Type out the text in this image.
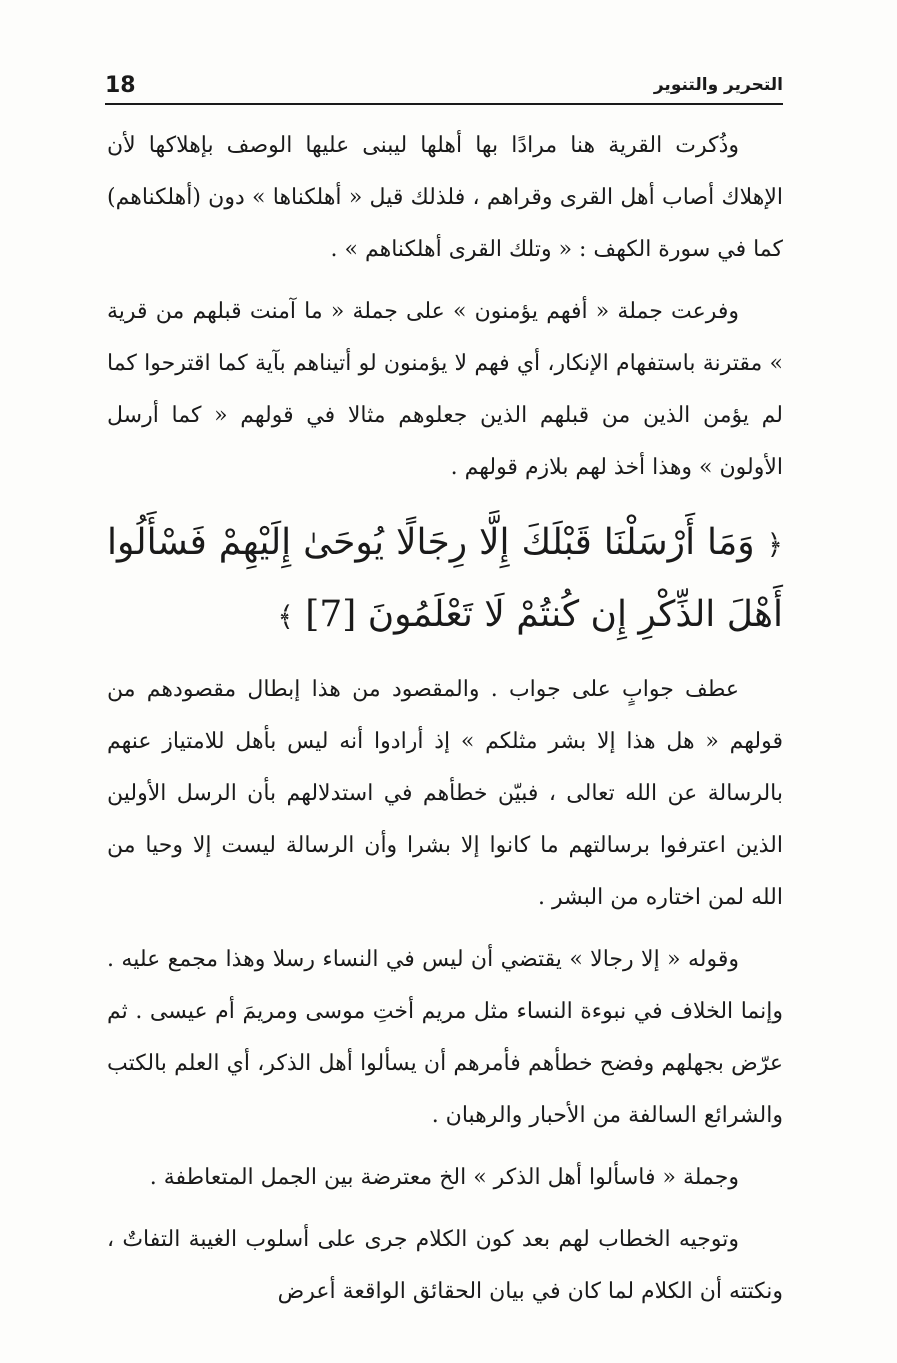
18	التحرير والتنوير

وذُكرت القرية هنا مرادًا بها أهلها ليبنى عليها الوصف بإهلاكها لأن الإهلاك أصاب أهل القرى وقراهم ، فلذلك قيل « أهلكناها » دون (أهلكناهم) كما في سورة الكهف : « وتلك القرى أهلكناهم » .

وفرعت جملة « أفهم يؤمنون » على جملة « ما آمنت قبلهم من قرية » مقترنة باستفهام الإنكار، أي فهم لا يؤمنون لو أتيناهم بآية كما اقترحوا كما لم يؤمن الذين من قبلهم الذين جعلوهم مثالا في قولهم « كما أرسل الأولون » وهذا أخذ لهم بلازم قولهم .

﴿ وَمَا أَرْسَلْنَا قَبْلَكَ إِلَّا رِجَالًا يُوحَىٰ إِلَيْهِمْ فَسْأَلُوا أَهْلَ الذِّكْرِ إِن كُنتُمْ لَا تَعْلَمُونَ [7] ﴾

عطف جوابٍ على جواب . والمقصود من هذا إبطال مقصودهم من قولهم « هل هذا إلا بشر مثلكم » إذ أرادوا أنه ليس بأهل للامتياز عنهم بالرسالة عن الله تعالى ، فبيّن خطأهم في استدلالهم بأن الرسل الأولين الذين اعترفوا برسالتهم ما كانوا إلا بشرا وأن الرسالة ليست إلا وحيا من الله لمن اختاره من البشر .

وقوله « إلا رجالا » يقتضي أن ليس في النساء رسلا وهذا مجمع عليه . وإنما الخلاف في نبوءة النساء مثل مريم أختِ موسى ومريمَ أم عيسى . ثم عرّض بجهلهم وفضح خطأهم فأمرهم أن يسألوا أهل الذكر، أي العلم بالكتب والشرائع السالفة من الأحبار والرهبان .

وجملة « فاسألوا أهل الذكر » الخ معترضة بين الجمل المتعاطفة .

وتوجيه الخطاب لهم بعد كون الكلام جرى على أسلوب الغيبة التفاتٌ ، ونكتته أن الكلام لما كان في بيان الحقائق الواقعة أعرض
